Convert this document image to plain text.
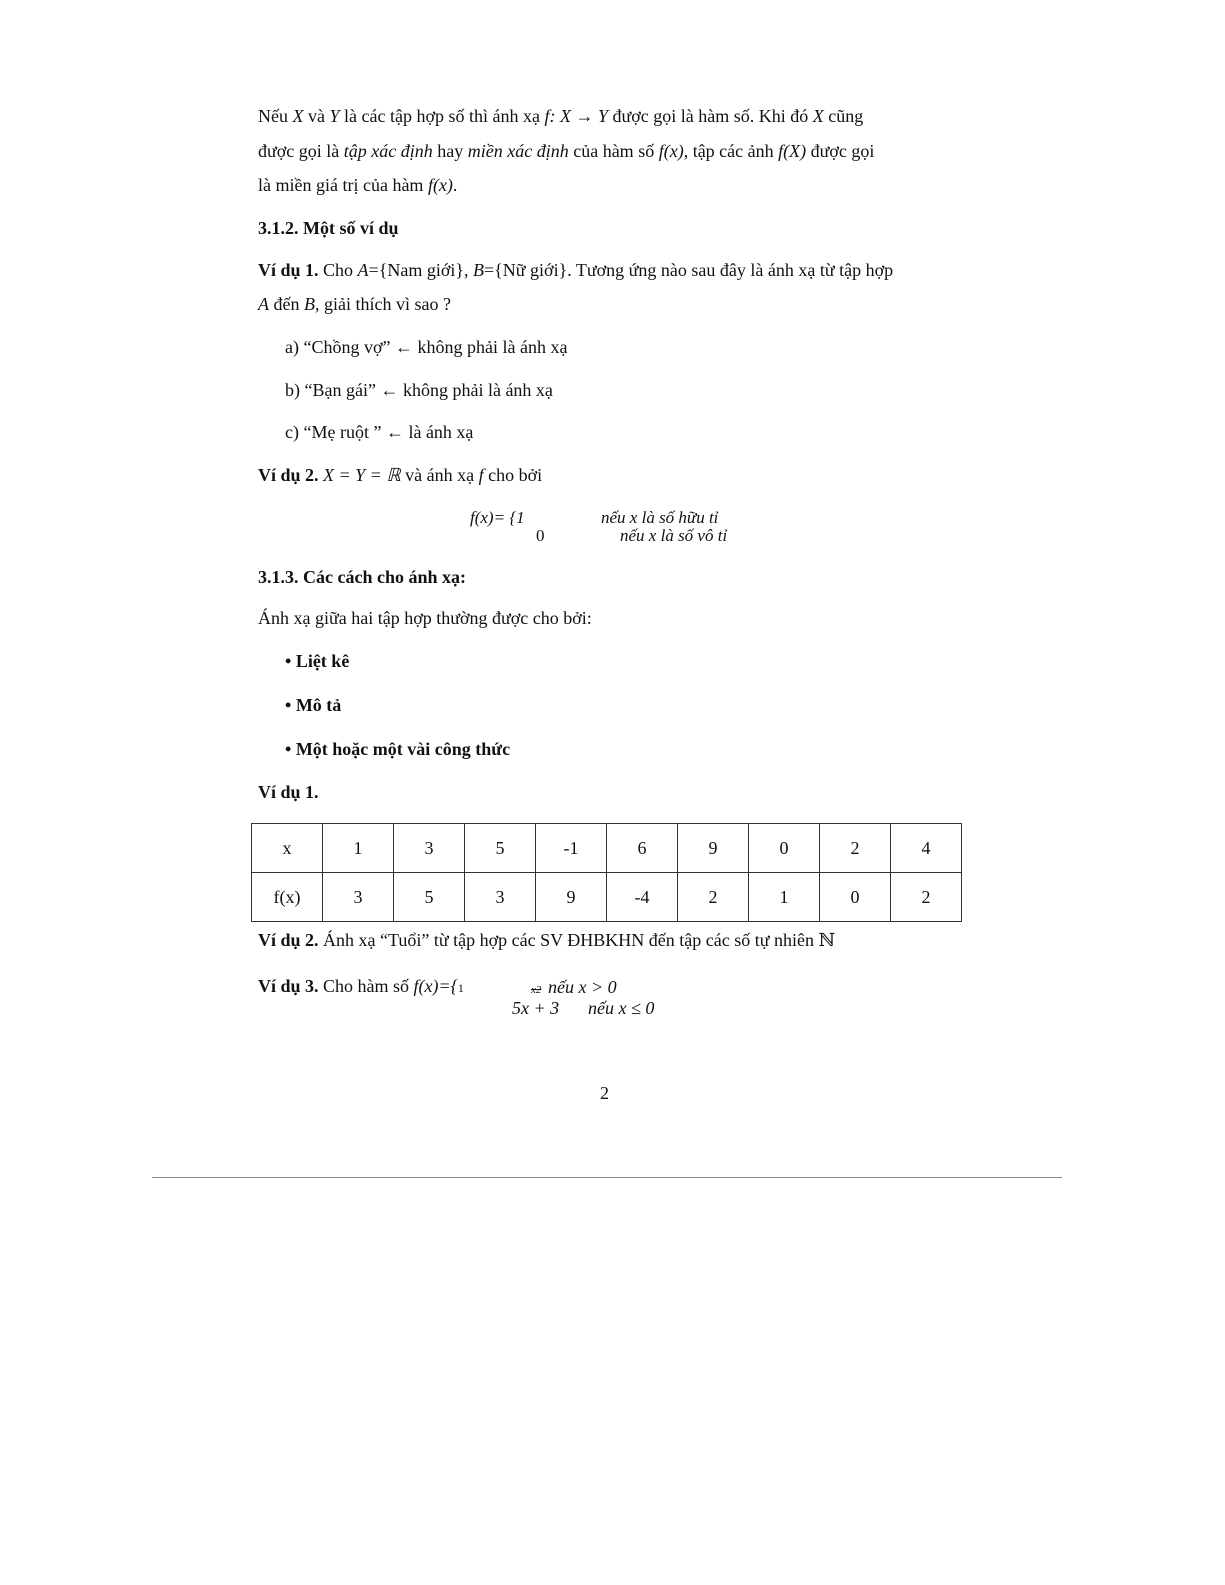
Nếu X và Y là các tập hợp số thì ánh xạ f: X → Y được gọi là hàm số. Khi đó X cũng
được gọi là tập xác định hay miền xác định của hàm số f(x), tập các ảnh f(X) được gọi
là miền giá trị của hàm f(x).
3.1.2. Một số ví dụ
Ví dụ 1. Cho A={Nam giới}, B={Nữ giới}. Tương ứng nào sau đây là ánh xạ từ tập hợp
A đến B, giải thích vì sao ?
a) “Chồng vợ” ← không phải là ánh xạ
b) “Bạn gái” ← không phải là ánh xạ
c) “Mẹ ruột ” ← là ánh xạ
Ví dụ 2. X = Y = ℝ và ánh xạ f cho bởi
f(x)= {1	nếu x là số hữu tỉ
0	nếu x là số vô tỉ
3.1.3. Các cách cho ánh xạ:
Ánh xạ giữa hai tập hợp thường được cho bởi:
• Liệt kê
• Mô tả
• Một hoặc một vài công thức
Ví dụ 1.
x	1	3	5	-1	6	9	0	2	4
f(x)	3	5	3	9	-4	2	1	0	2
Ví dụ 2. Ánh xạ “Tuổi” từ tập hợp các SV ĐHBKHN đến tập các số tự nhiên ℕ
Ví dụ 3. Cho hàm số f(x)={1	x2 nếu x > 0
5x + 3 nếu x ≤ 0
2
